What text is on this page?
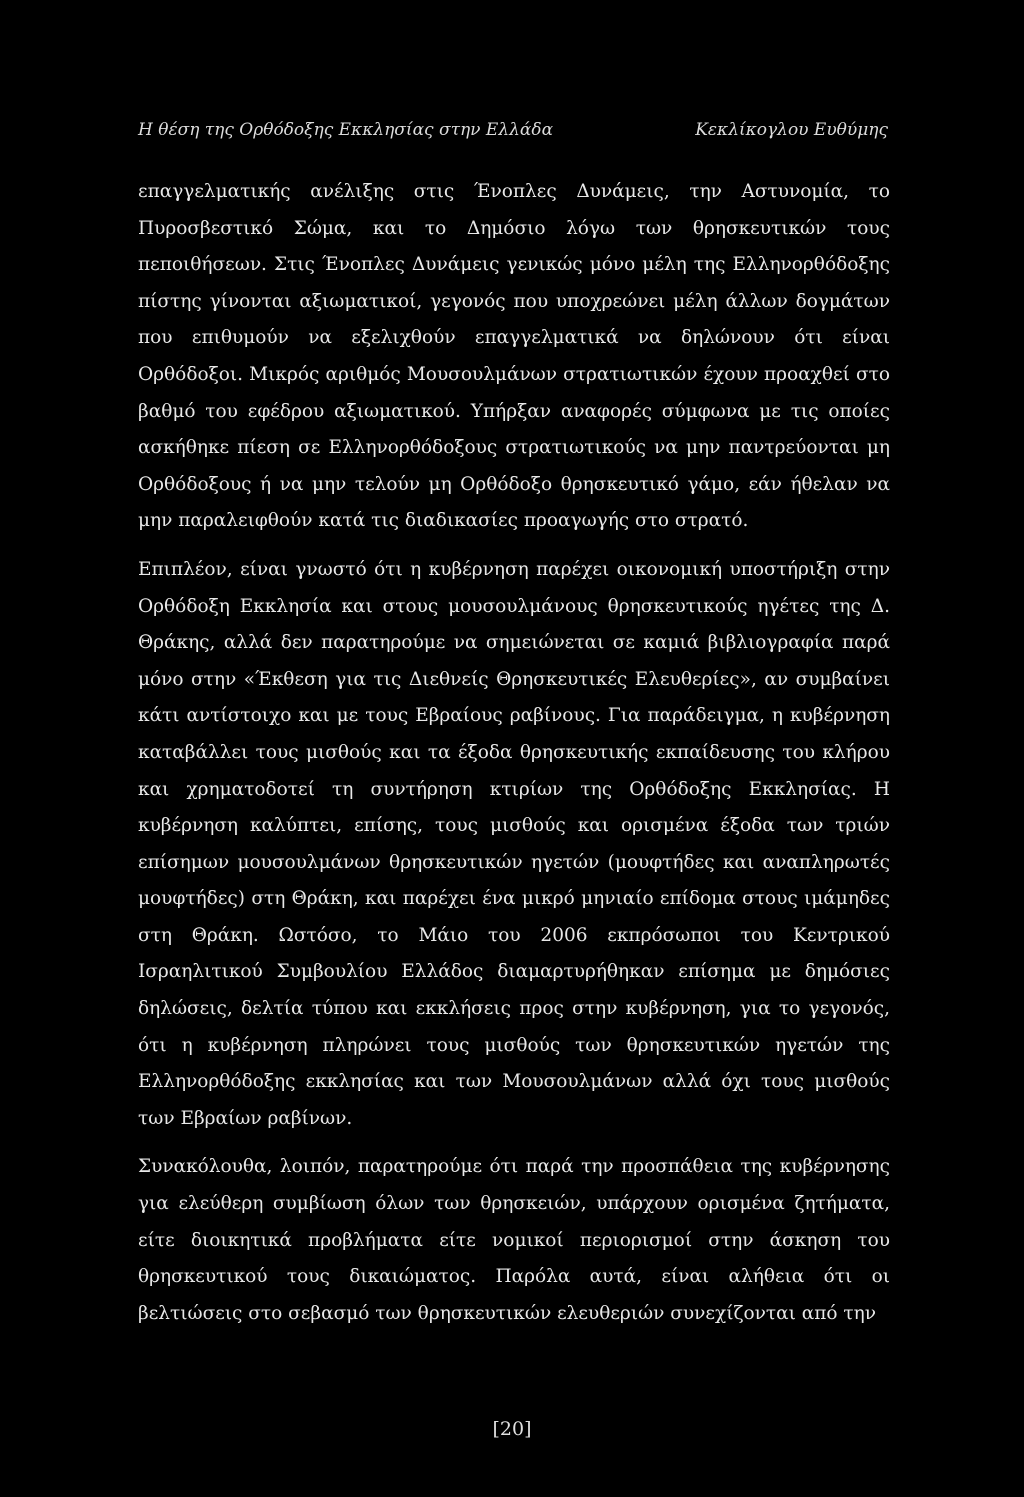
Η θέση της Ορθόδοξης Εκκλησίας στην Ελλάδα	Κεκλίκογλου Ευθύμης

επαγγελματικής ανέλιξης στις Ένοπλες Δυνάμεις, την Αστυνομία, το Πυροσβεστικό Σώμα, και το Δημόσιο λόγω των θρησκευτικών τους πεποιθήσεων. Στις Ένοπλες Δυνάμεις γενικώς μόνο μέλη της Ελληνορθόδοξης πίστης γίνονται αξιωματικοί, γεγονός που υποχρεώνει μέλη άλλων δογμάτων που επιθυμούν να εξελιχθούν επαγγελματικά να δηλώνουν ότι είναι Ορθόδοξοι. Μικρός αριθμός Μουσουλμάνων στρατιωτικών έχουν προαχθεί στο βαθμό του εφέδρου αξιωματικού. Υπήρξαν αναφορές σύμφωνα με τις οποίες ασκήθηκε πίεση σε Ελληνορθόδοξους στρατιωτικούς να μην παντρεύονται μη Ορθόδοξους ή να μην τελούν μη Ορθόδοξο θρησκευτικό γάμο, εάν ήθελαν να μην παραλειφθούν κατά τις διαδικασίες προαγωγής στο στρατό.

Επιπλέον, είναι γνωστό ότι η κυβέρνηση παρέχει οικονομική υποστήριξη στην Ορθόδοξη Εκκλησία και στους μουσουλμάνους θρησκευτικούς ηγέτες της Δ. Θράκης, αλλά δεν παρατηρούμε να σημειώνεται σε καμιά βιβλιογραφία παρά μόνο στην «Έκθεση για τις Διεθνείς Θρησκευτικές Ελευθερίες», αν συμβαίνει κάτι αντίστοιχο και με τους Εβραίους ραβίνους. Για παράδειγμα, η κυβέρνηση καταβάλλει τους μισθούς και τα έξοδα θρησκευτικής εκπαίδευσης του κλήρου και χρηματοδοτεί τη συντήρηση κτιρίων της Ορθόδοξης Εκκλησίας. Η κυβέρνηση καλύπτει, επίσης, τους μισθούς και ορισμένα έξοδα των τριών επίσημων μουσουλμάνων θρησκευτικών ηγετών (μουφτήδες και αναπληρωτές μουφτήδες) στη Θράκη, και παρέχει ένα μικρό μηνιαίο επίδομα στους ιμάμηδες στη Θράκη. Ωστόσο, το Μάιο του 2006 εκπρόσωποι του Κεντρικού Ισραηλιτικού Συμβουλίου Ελλάδος διαμαρτυρήθηκαν επίσημα με δημόσιες δηλώσεις, δελτία τύπου και εκκλήσεις προς στην κυβέρνηση, για το γεγονός, ότι η κυβέρνηση πληρώνει τους μισθούς των θρησκευτικών ηγετών της Ελληνορθόδοξης εκκλησίας και των Μουσουλμάνων αλλά όχι τους μισθούς των Εβραίων ραβίνων.

Συνακόλουθα, λοιπόν, παρατηρούμε ότι παρά την προσπάθεια της κυβέρνησης για ελεύθερη συμβίωση όλων των θρησκειών, υπάρχουν ορισμένα ζητήματα, είτε διοικητικά προβλήματα είτε νομικοί περιορισμοί στην άσκηση του θρησκευτικού τους δικαιώματος. Παρόλα αυτά, είναι αλήθεια ότι οι βελτιώσεις στο σεβασμό των θρησκευτικών ελευθεριών συνεχίζονται από την

[20]
